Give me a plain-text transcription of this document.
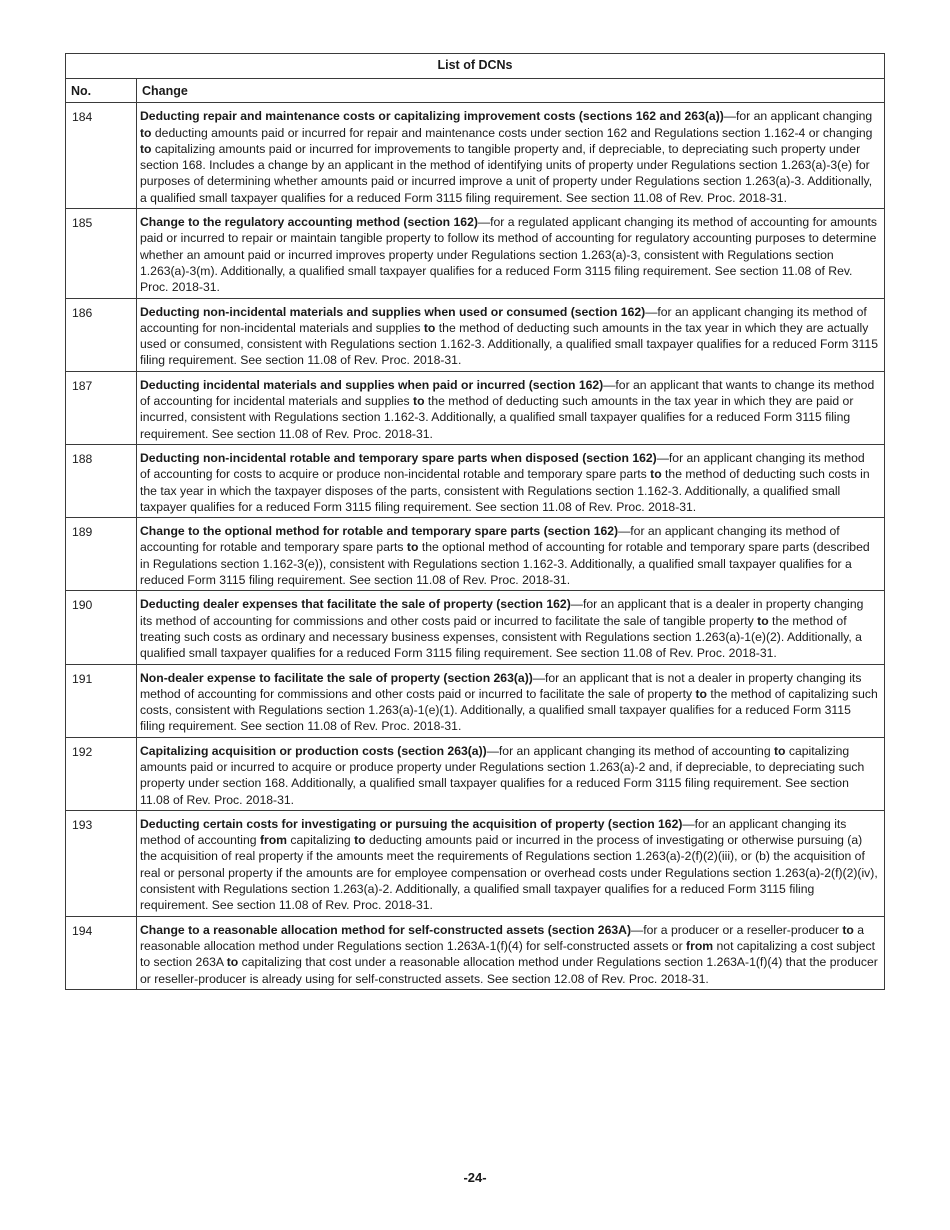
List of DCNs	
No.	Change
184	Deducting repair and maintenance costs or capitalizing improvement costs (sections 162 and 263(a))—for an applicant changing to deducting amounts paid or incurred for repair and maintenance costs under section 162 and Regulations section 1.162-4 or changing to capitalizing amounts paid or incurred for improvements to tangible property and, if depreciable, to depreciating such property under section 168. Includes a change by an applicant in the method of identifying units of property under Regulations section 1.263(a)-3(e) for purposes of determining whether amounts paid or incurred improve a unit of property under Regulations section 1.263(a)-3. Additionally, a qualified small taxpayer qualifies for a reduced Form 3115 filing requirement. See section 11.08 of Rev. Proc. 2018-31.
185	Change to the regulatory accounting method (section 162)—for a regulated applicant changing its method of accounting for amounts paid or incurred to repair or maintain tangible property to follow its method of accounting for regulatory accounting purposes to determine whether an amount paid or incurred improves property under Regulations section 1.263(a)-3, consistent with Regulations section 1.263(a)-3(m). Additionally, a qualified small taxpayer qualifies for a reduced Form 3115 filing requirement. See section 11.08 of Rev. Proc. 2018-31.
186	Deducting non-incidental materials and supplies when used or consumed (section 162)—for an applicant changing its method of accounting for non-incidental materials and supplies to the method of deducting such amounts in the tax year in which they are actually used or consumed, consistent with Regulations section 1.162-3. Additionally, a qualified small taxpayer qualifies for a reduced Form 3115 filing requirement. See section 11.08 of Rev. Proc. 2018-31.
187	Deducting incidental materials and supplies when paid or incurred (section 162)—for an applicant that wants to change its method of accounting for incidental materials and supplies to the method of deducting such amounts in the tax year in which they are paid or incurred, consistent with Regulations section 1.162-3. Additionally, a qualified small taxpayer qualifies for a reduced Form 3115 filing requirement. See section 11.08 of Rev. Proc. 2018-31.
188	Deducting non-incidental rotable and temporary spare parts when disposed (section 162)—for an applicant changing its method of accounting for costs to acquire or produce non-incidental rotable and temporary spare parts to the method of deducting such costs in the tax year in which the taxpayer disposes of the parts, consistent with Regulations section 1.162-3. Additionally, a qualified small taxpayer qualifies for a reduced Form 3115 filing requirement. See section 11.08 of Rev. Proc. 2018-31.
189	Change to the optional method for rotable and temporary spare parts (section 162)—for an applicant changing its method of accounting for rotable and temporary spare parts to the optional method of accounting for rotable and temporary spare parts (described in Regulations section 1.162-3(e)), consistent with Regulations section 1.162-3. Additionally, a qualified small taxpayer qualifies for a reduced Form 3115 filing requirement. See section 11.08 of Rev. Proc. 2018-31.
190	Deducting dealer expenses that facilitate the sale of property (section 162)—for an applicant that is a dealer in property changing its method of accounting for commissions and other costs paid or incurred to facilitate the sale of tangible property to the method of treating such costs as ordinary and necessary business expenses, consistent with Regulations section 1.263(a)-1(e)(2). Additionally, a qualified small taxpayer qualifies for a reduced Form 3115 filing requirement. See section 11.08 of Rev. Proc. 2018-31.
191	Non-dealer expense to facilitate the sale of property (section 263(a))—for an applicant that is not a dealer in property changing its method of accounting for commissions and other costs paid or incurred to facilitate the sale of property to the method of capitalizing such costs, consistent with Regulations section 1.263(a)-1(e)(1). Additionally, a qualified small taxpayer qualifies for a reduced Form 3115 filing requirement. See section 11.08 of Rev. Proc. 2018-31.
192	Capitalizing acquisition or production costs (section 263(a))—for an applicant changing its method of accounting to capitalizing amounts paid or incurred to acquire or produce property under Regulations section 1.263(a)-2 and, if depreciable, to depreciating such property under section 168. Additionally, a qualified small taxpayer qualifies for a reduced Form 3115 filing requirement. See section 11.08 of Rev. Proc. 2018-31.
193	Deducting certain costs for investigating or pursuing the acquisition of property (section 162)—for an applicant changing its method of accounting from capitalizing to deducting amounts paid or incurred in the process of investigating or otherwise pursuing (a) the acquisition of real property if the amounts meet the requirements of Regulations section 1.263(a)-2(f)(2)(iii), or (b) the acquisition of real or personal property if the amounts are for employee compensation or overhead costs under Regulations section 1.263(a)-2(f)(2)(iv), consistent with Regulations section 1.263(a)-2. Additionally, a qualified small taxpayer qualifies for a reduced Form 3115 filing requirement. See section 11.08 of Rev. Proc. 2018-31.
194	Change to a reasonable allocation method for self-constructed assets (section 263A)—for a producer or a reseller-producer to a reasonable allocation method under Regulations section 1.263A-1(f)(4) for self-constructed assets or from not capitalizing a cost subject to section 263A to capitalizing that cost under a reasonable allocation method under Regulations section 1.263A-1(f)(4) that the producer or reseller-producer is already using for self-constructed assets. See section 12.08 of Rev. Proc. 2018-31.
-24-
